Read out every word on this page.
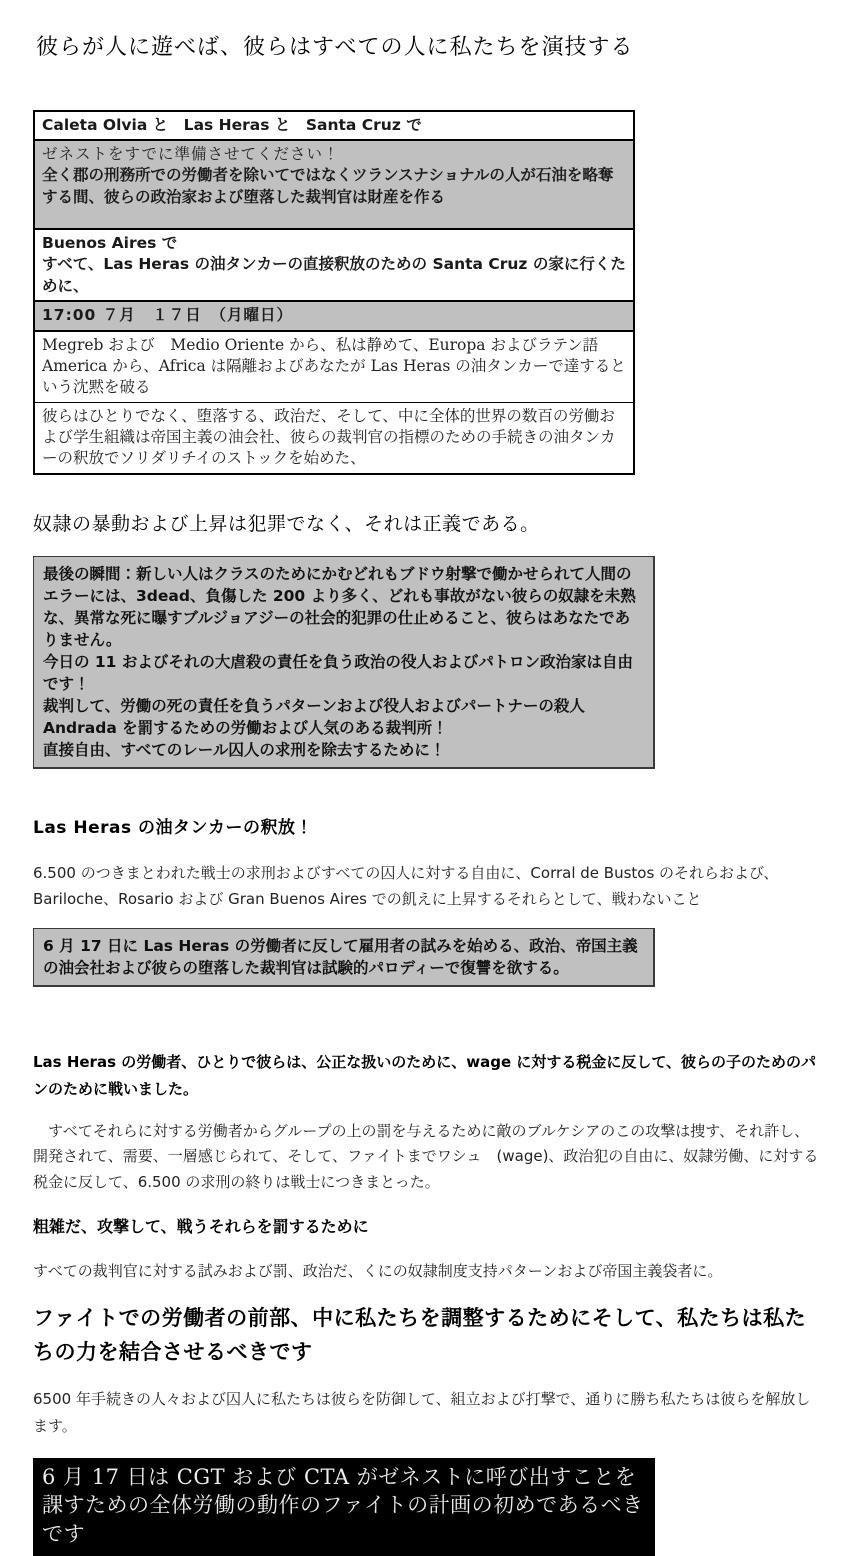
彼らが人に遊べば、彼らはすべての人に私たちを演技する
Caleta Olvia と　Las Heras と　Santa Cruz で
ゼネストをすでに準備させてください！
全く郡の刑務所での労働者を除いてではなくツランスナショナルの人が石油を略奪する間、彼らの政治家および堕落した裁判官は財産を作る
Buenos Aires で
すべて、Las Heras の油タンカーの直接釈放のための Santa Cruz の家に行くために、
17:00 ７月　１７日　（月曜日）
Megreb および　Medio Oriente から、私は静めて、Europa およびラテン語 America から、Africa は隔離およびあなたが Las Heras の油タンカーで達するという沈黙を破る
彼らはひとりでなく、堕落する、政治だ、そして、中に全体的世界の数百の労働および学生組織は帝国主義の油会社、彼らの裁判官の指標のための手続きの油タンカーの釈放でソリダリチイのストックを始めた、
奴隷の暴動および上昇は犯罪でなく、それは正義である。
最後の瞬間：新しい人はクラスのためにかむどれもブドウ射撃で働かせられて人間のエラーには、3dead、負傷した 200 より多く、どれも事故がない彼らの奴隷を未熟な、異常な死に曝すブルジョアジーの社会的犯罪の仕止めること、彼らはあなたでありません。
今日の 11 およびそれの大虐殺の責任を負う政治の役人およびパトロン政治家は自由です！
裁判して、労働の死の責任を負うパターンおよび役人およびパートナーの殺人 Andrada を罰するための労働および人気のある裁判所！
直接自由、すべてのレール囚人の求刑を除去するために！
Las Heras の油タンカーの釈放！

6.500 のつきまとわれた戦士の求刑およびすべての囚人に対する自由に、Corral de Bustos のそれらおよび、Bariloche、Rosario および Gran Buenos Aires での飢えに上昇するそれらとして、戦わないこと

6 月 17 日に Las Heras の労働者に反して雇用者の試みを始める、政治、帝国主義の油会社および彼らの堕落した裁判官は試験的パロディーで復讐を欲する。

Las Heras の労働者、ひとりで彼らは、公正な扱いのために、wage に対する税金に反して、彼らの子のためのパンのために戦いました。

　すべてそれらに対する労働者からグループの上の罰を与えるために敵のブルケシアのこの攻撃は捜す、それ許し、開発されて、需要、一層感じられて、そして、ファイトまでワシュ　(wage)、政治犯の自由に、奴隷労働、に対する税金に反して、6.500 の求刑の終りは戦士につきまとった。

粗雑だ、攻撃して、戦うそれらを罰するために

すべての裁判官に対する試みおよび罰、政治だ、くにの奴隷制度支持パターンおよび帝国主義袋者に。

ファイトでの労働者の前部、中に私たちを調整するためにそして、私たちは私たちの力を結合させるべきです

6500 年手続きの人々および囚人に私たちは彼らを防御して、組立および打撃で、通りに勝ち私たちは彼らを解放します。

6 月 17 日は CGT および CTA がゼネストに呼び出すことを課すための全体労働の動作のファイトの計画の初めであるべきです
